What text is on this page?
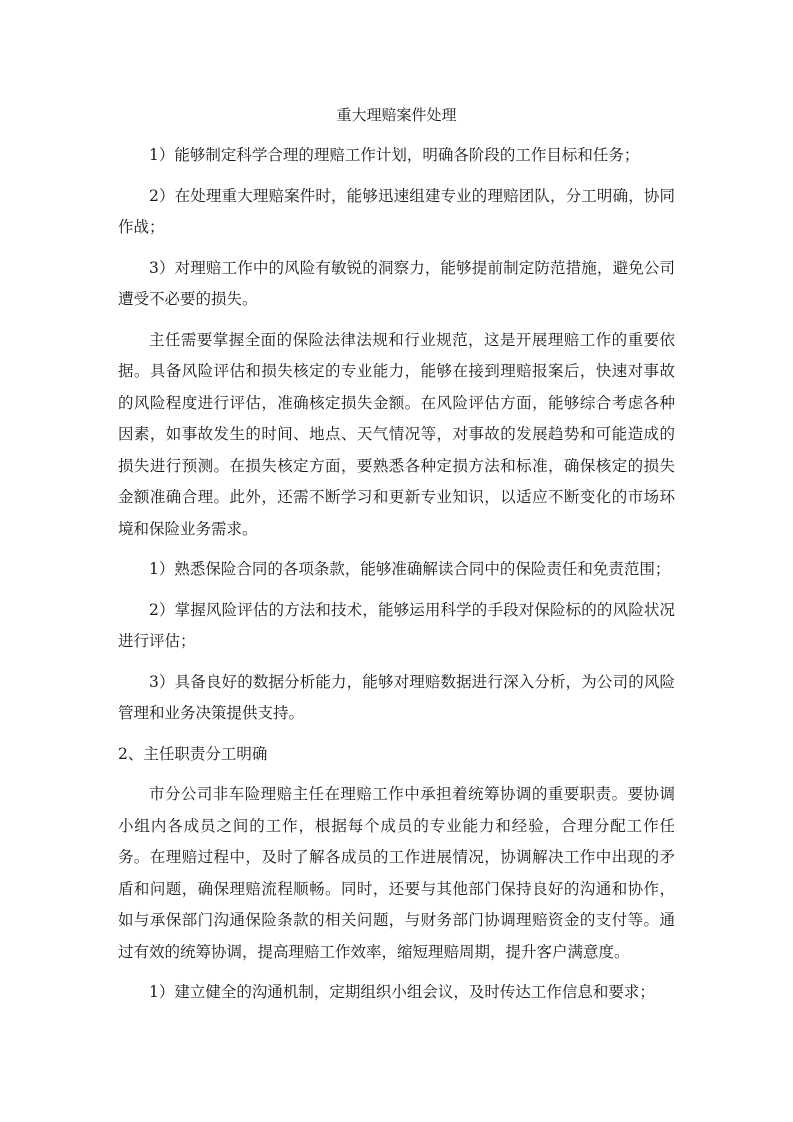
重大理赔案件处理

1）能够制定科学合理的理赔工作计划，明确各阶段的工作目标和任务；

2）在处理重大理赔案件时，能够迅速组建专业的理赔团队，分工明确，协同作战；

3）对理赔工作中的风险有敏锐的洞察力，能够提前制定防范措施，避免公司遭受不必要的损失。

主任需要掌握全面的保险法律法规和行业规范，这是开展理赔工作的重要依据。具备风险评估和损失核定的专业能力，能够在接到理赔报案后，快速对事故的风险程度进行评估，准确核定损失金额。在风险评估方面，能够综合考虑各种因素，如事故发生的时间、地点、天气情况等，对事故的发展趋势和可能造成的损失进行预测。在损失核定方面，要熟悉各种定损方法和标准，确保核定的损失金额准确合理。此外，还需不断学习和更新专业知识，以适应不断变化的市场环境和保险业务需求。

1）熟悉保险合同的各项条款，能够准确解读合同中的保险责任和免责范围；

2）掌握风险评估的方法和技术，能够运用科学的手段对保险标的的风险状况进行评估；

3）具备良好的数据分析能力，能够对理赔数据进行深入分析，为公司的风险管理和业务决策提供支持。

2、主任职责分工明确

市分公司非车险理赔主任在理赔工作中承担着统筹协调的重要职责。要协调小组内各成员之间的工作，根据每个成员的专业能力和经验，合理分配工作任务。在理赔过程中，及时了解各成员的工作进展情况，协调解决工作中出现的矛盾和问题，确保理赔流程顺畅。同时，还要与其他部门保持良好的沟通和协作，如与承保部门沟通保险条款的相关问题，与财务部门协调理赔资金的支付等。通过有效的统筹协调，提高理赔工作效率，缩短理赔周期，提升客户满意度。

1）建立健全的沟通机制，定期组织小组会议，及时传达工作信息和要求；
